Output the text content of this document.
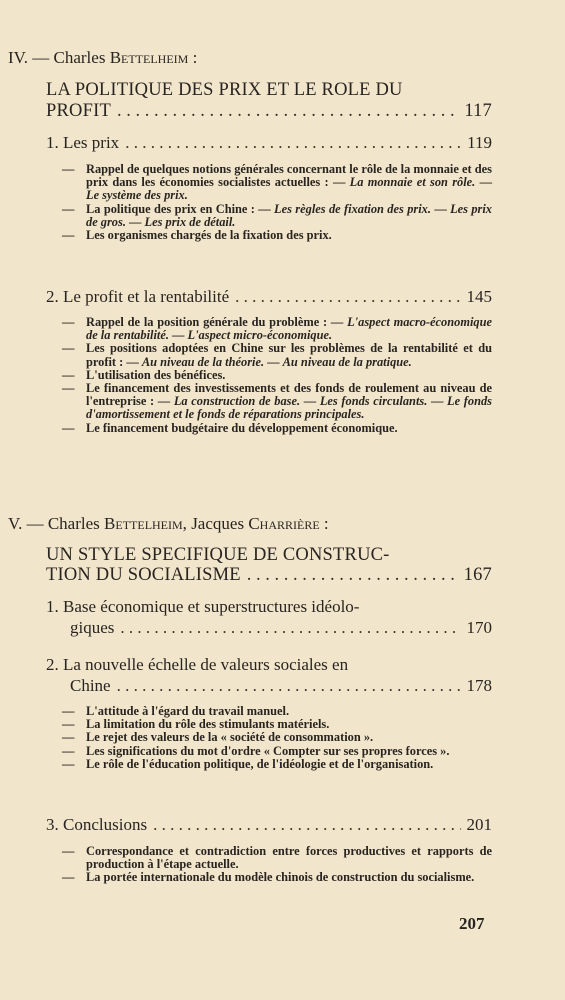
IV. — Charles Bettelheim :
LA POLITIQUE DES PRIX ET LE ROLE DU
PROFIT . . .	117
1. Les prix . . .	119
— Rappel de quelques notions générales concernant le rôle de la monnaie et des prix dans les économies socialistes actuelles : — La monnaie et son rôle. — Le système des prix.
— La politique des prix en Chine : — Les règles de fixation des prix. — Les prix de gros. — Les prix de détail.
— Les organismes chargés de la fixation des prix.
2. Le profit et la rentabilité . . .	145
— Rappel de la position générale du problème : — L'aspect macro-économique de la rentabilité. — L'aspect micro-économique.
— Les positions adoptées en Chine sur les problèmes de la rentabilité et du profit : — Au niveau de la théorie. — Au niveau de la pratique.
— L'utilisation des bénéfices.
— Le financement des investissements et des fonds de roulement au niveau de l'entreprise : — La construction de base. — Les fonds circulants. — Le fonds d'amortissement et le fonds de réparations principales.
— Le financement budgétaire du développement économique.
V. — Charles Bettelheim, Jacques Charrière :
UN STYLE SPECIFIQUE DE CONSTRUC-
TION DU SOCIALISME . . .	167
1. Base économique et superstructures idéolo-
giques . . .	170
2. La nouvelle échelle de valeurs sociales en
Chine . . .	178
— L'attitude à l'égard du travail manuel.
— La limitation du rôle des stimulants matériels.
— Le rejet des valeurs de la « société de consommation ».
— Les significations du mot d'ordre « Compter sur ses propres forces ».
— Le rôle de l'éducation politique, de l'idéologie et de l'organisation.
3. Conclusions . . .	201
— Correspondance et contradiction entre forces productives et rapports de production à l'étape actuelle.
— La portée internationale du modèle chinois de construction du socialisme.
207
